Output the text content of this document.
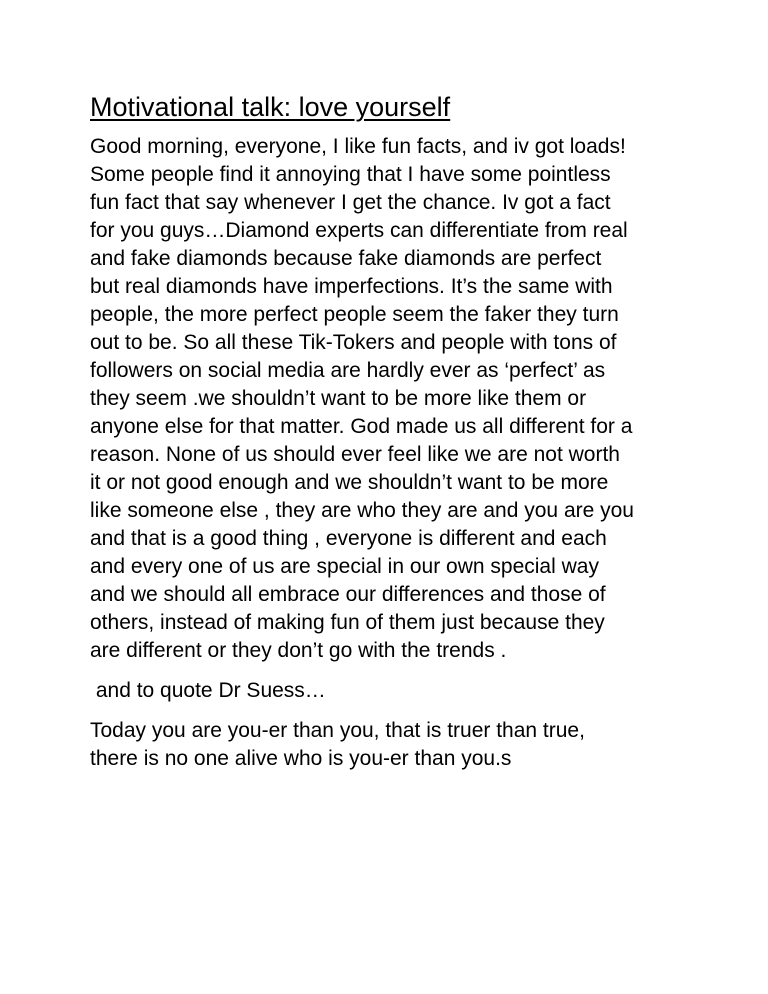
Motivational talk: love yourself

Good morning, everyone, I like fun facts, and iv got loads!
Some people find it annoying that I have some pointless
fun fact that say whenever I get the chance. Iv got a fact
for you guys…Diamond experts can differentiate from real
and fake diamonds because fake diamonds are perfect
but real diamonds have imperfections. It’s the same with
people, the more perfect people seem the faker they turn
out to be. So all these Tik-Tokers and people with tons of
followers on social media are hardly ever as ‘perfect’ as
they seem .we shouldn’t want to be more like them or
anyone else for that matter. God made us all different for a
reason. None of us should ever feel like we are not worth
it or not good enough and we shouldn’t want to be more
like someone else , they are who they are and you are you
and that is a good thing , everyone is different and each
and every one of us are special in our own special way
and we should all embrace our differences and those of
others, instead of making fun of them just because they
are different or they don’t go with the trends .

and to quote Dr Suess…

Today you are you-er than you, that is truer than true,
there is no one alive who is you-er than you.s
